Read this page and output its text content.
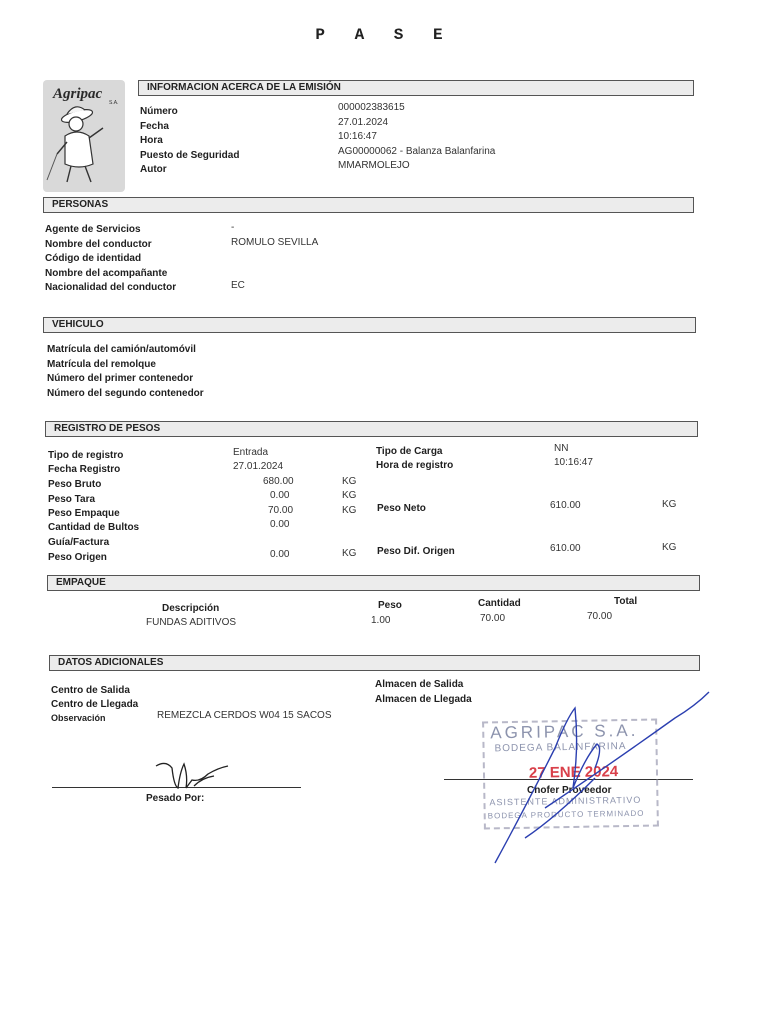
P A S E
Agripac
S.A.
INFORMACION ACERCA DE LA EMISIÓN
Número	000002383615
Fecha	27.01.2024
Hora	10:16:47
Puesto de Seguridad	AG00000062 - Balanza Balanfarina
Autor	MMARMOLEJO
PERSONAS
Agente de Servicios	-
Nombre del conductor	ROMULO SEVILLA
Código de identidad
Nombre del acompañante
Nacionalidad del conductor	EC
VEHICULO
Matrícula del camión/automóvil
Matrícula del remolque
Número del primer contenedor
Número del segundo contenedor
REGISTRO DE PESOS
Tipo de registro	Entrada
Fecha Registro	27.01.2024
Peso Bruto	680.00	KG
Peso Tara	0.00	KG
Peso Empaque	70.00	KG
Cantidad de Bultos	0.00
Guía/Factura
Peso Origen	0.00	KG
Tipo de Carga	NN
Hora de registro	10:16:47
Peso Neto	610.00	KG
Peso Dif. Origen	610.00	KG
EMPAQUE
Descripción	Peso	Cantidad	Total
FUNDAS ADITIVOS	1.00	70.00	70.00
DATOS ADICIONALES
Centro de Salida
Centro de Llegada
Observación	REMEZCLA CERDOS W04 15 SACOS
Almacen de Salida
Almacen de Llegada
Pesado Por:
AGRIPAC S.A.
BODEGA BALANFARINA
27 ENE 2024
ASISTENTE ADMINISTRATIVO
BODEGA PRODUCTO TERMINADO
Chofer Proveedor
